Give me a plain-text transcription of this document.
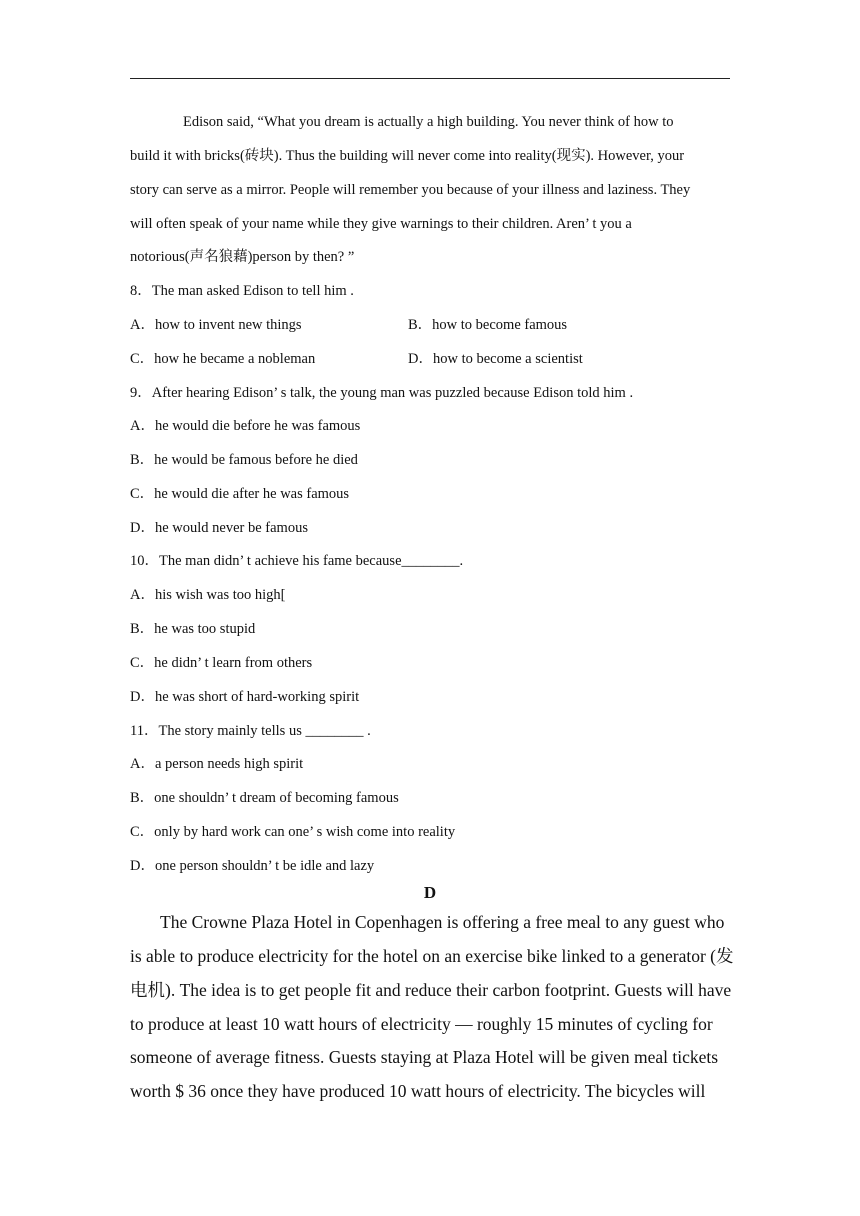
Edison said, “What you dream is actually a high building. You never think of how to
build it with bricks(砖块). Thus the building will never come into reality(现实). However, your
story can serve as a mirror. People will remember you because of your illness and laziness. They
will often speak of your name while they give warnings to their children. Aren’ t you a
notorious(声名狼藉)person by then? ”
8．The man asked Edison to tell him .
A．how to invent new things	B．how to become famous
C．how he became a nobleman	D．how to become a scientist
9．After hearing Edison’ s talk, the young man was puzzled because Edison told him .
A．he would die before he was famous
B．he would be famous before he died
C．he would die after he was famous
D．he would never be famous
10．The man didn’ t achieve his fame because________.
A．his wish was too high[
B．he was too stupid
C．he didn’ t learn from others
D．he was short of hard-working spirit
11．The story mainly tells us ________ .
A．a person needs high spirit
B．one shouldn’ t dream of becoming famous
C．only by hard work can one’ s wish come into reality
D．one person shouldn’ t be idle and lazy
D
The Crowne Plaza Hotel in Copenhagen is offering a free meal to any guest who
is able to produce electricity for the hotel on an exercise bike linked to a generator (发
电机). The idea is to get people fit and reduce their carbon footprint. Guests will have
to produce at least 10 watt hours of electricity — roughly 15 minutes of cycling for
someone of average fitness. Guests staying at Plaza Hotel will be given meal tickets
worth $ 36 once they have produced 10 watt hours of electricity. The bicycles will
